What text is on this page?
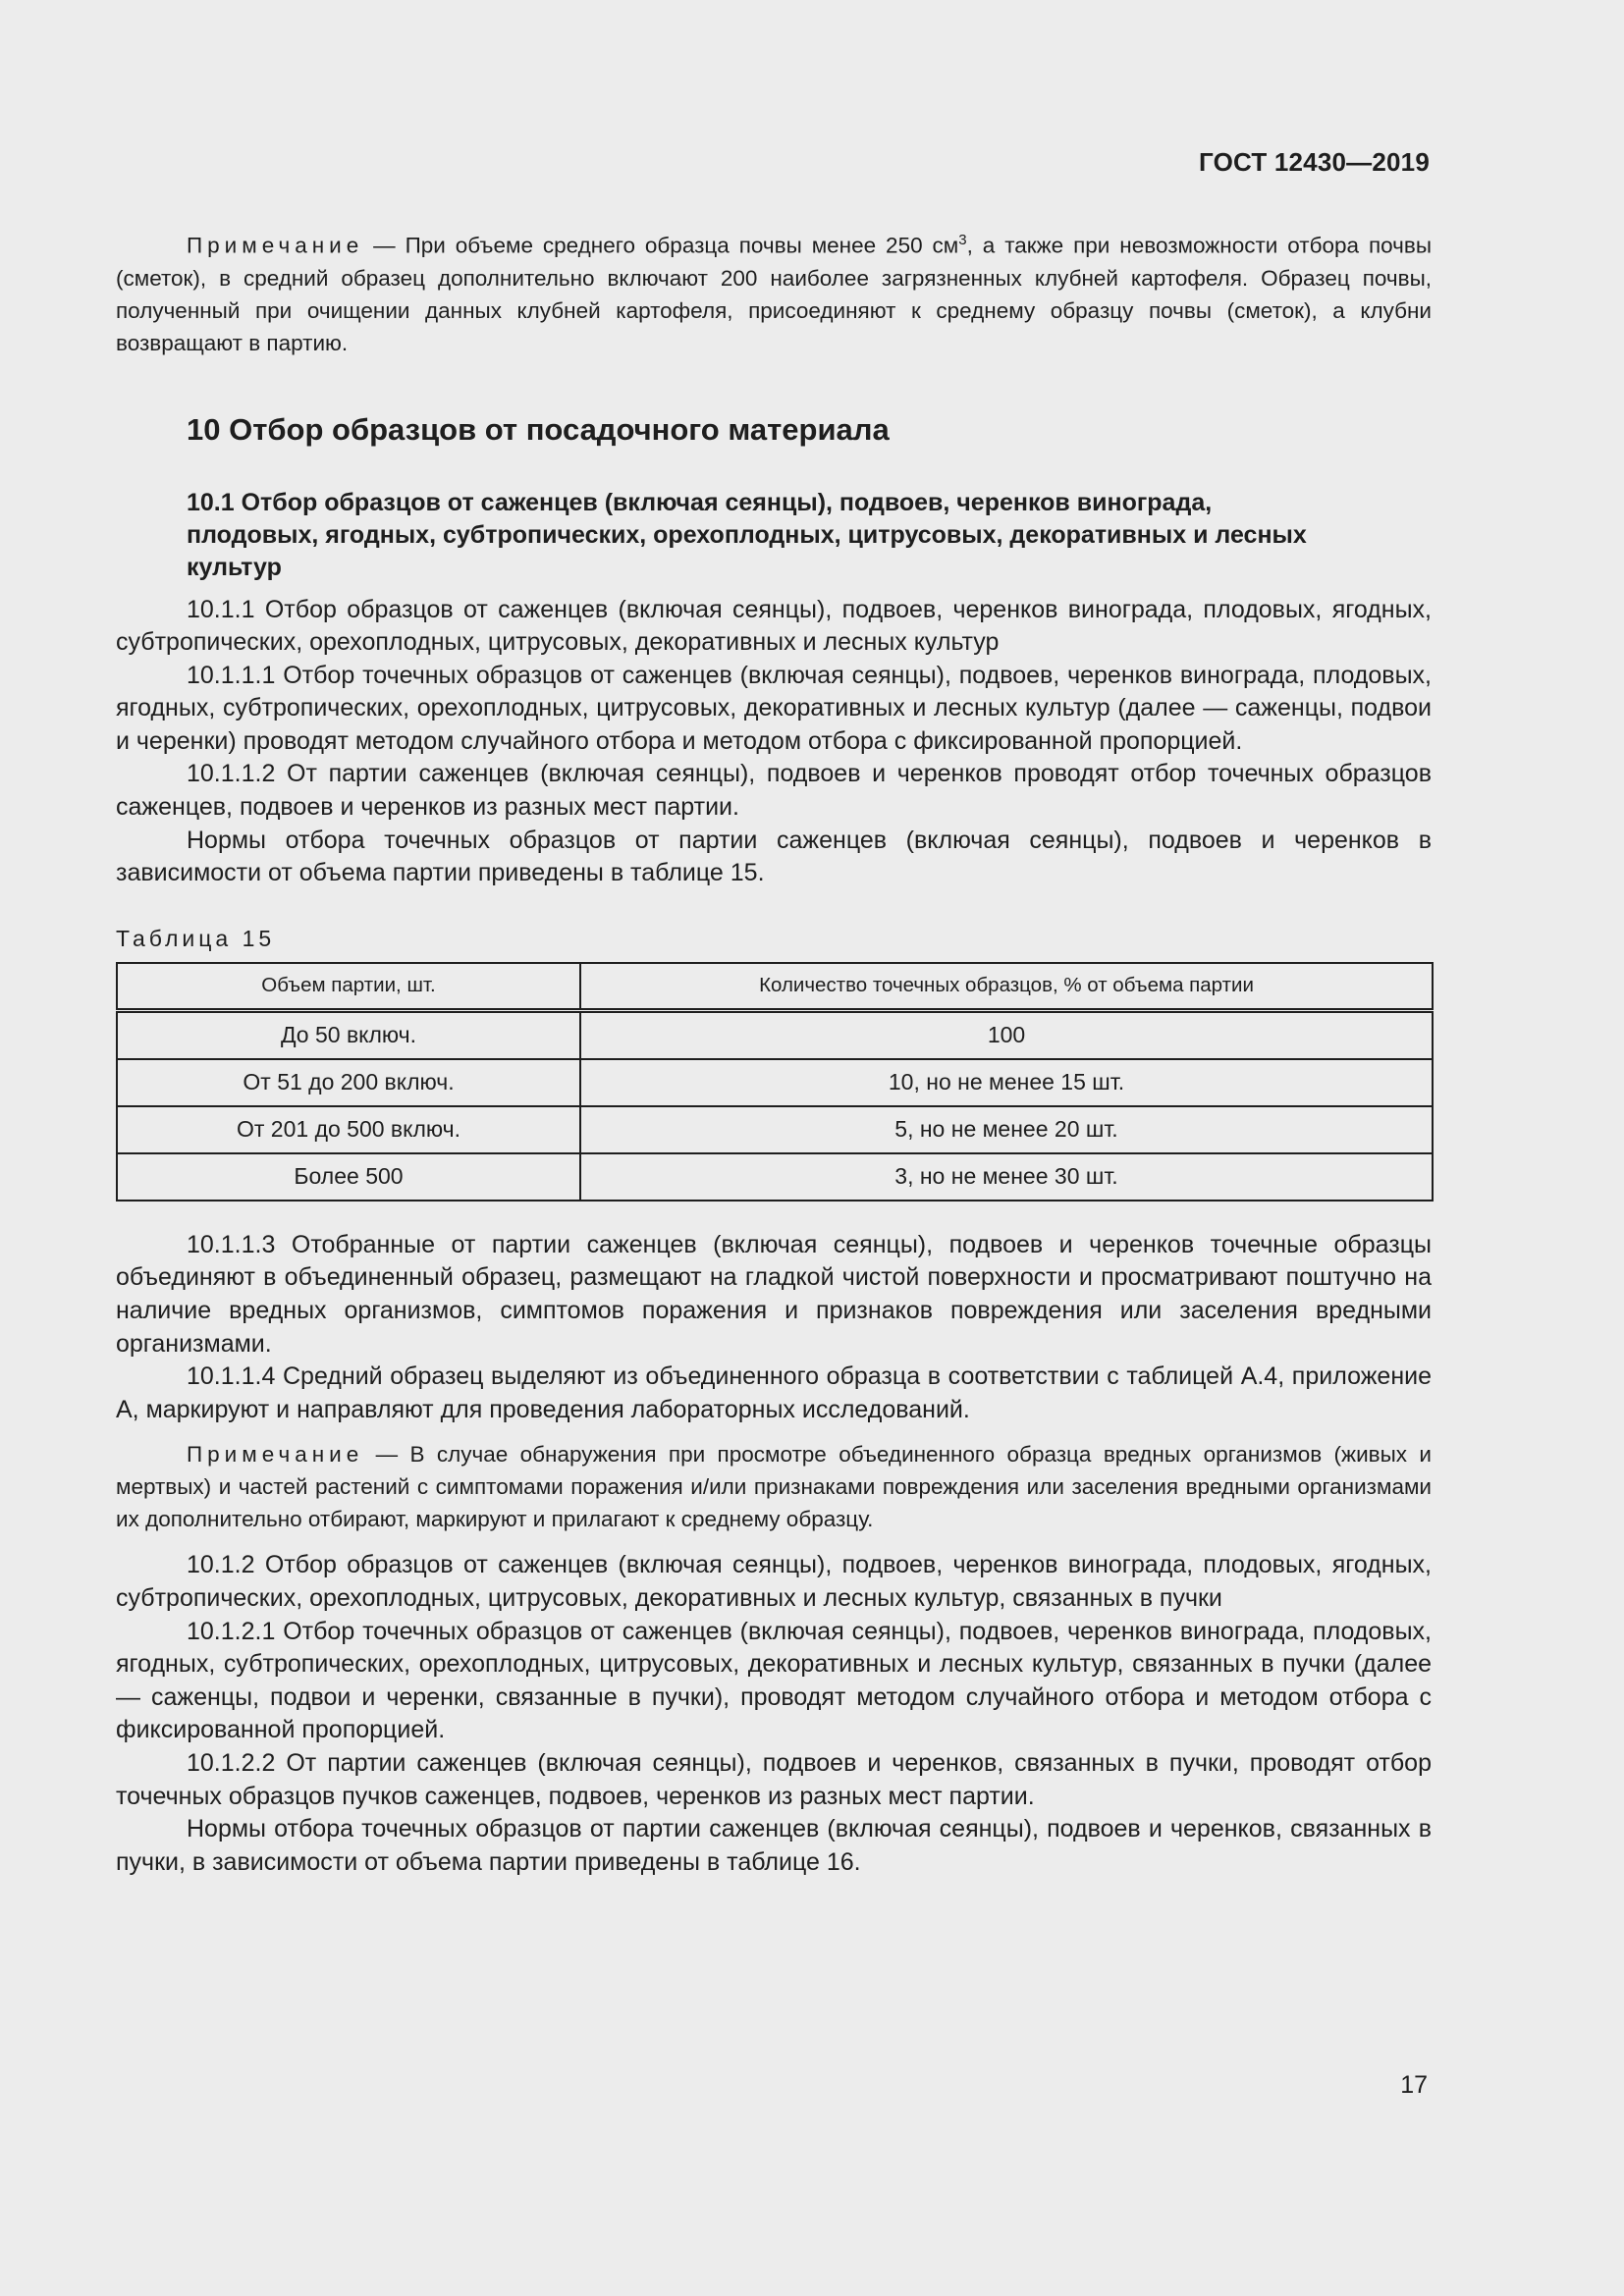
ГОСТ 12430—2019

Примечание — При объеме среднего образца почвы менее 250 $см^3$, а также при невозможности отбора почвы (сметок), в средний образец дополнительно включают 200 наиболее загрязненных клубней картофеля. Образец почвы, полученный при очищении данных клубней картофеля, присоединяют к среднему образцу почвы (сметок), а клубни возвращают в партию.

10 Отбор образцов от посадочного материала
10.1 Отбор образцов от саженцев (включая сеянцы), подвоев, черенков винограда, плодовых, ягодных, субтропических, орехоплодных, цитрусовых, декоративных и лесных культур

10.1.1 Отбор образцов от саженцев (включая сеянцы), подвоев, черенков винограда, плодовых, ягодных, субтропических, орехоплодных, цитрусовых, декоративных и лесных культур

10.1.1.1 Отбор точечных образцов от саженцев (включая сеянцы), подвоев, черенков винограда, плодовых, ягодных, субтропических, орехоплодных, цитрусовых, декоративных и лесных культур (далее — саженцы, подвои и черенки) проводят методом случайного отбора и методом отбора с фиксированной пропорцией.

10.1.1.2 От партии саженцев (включая сеянцы), подвоев и черенков проводят отбор точечных образцов саженцев, подвоев и черенков из разных мест партии.

Нормы отбора точечных образцов от партии саженцев (включая сеянцы), подвоев и черенков в зависимости от объема партии приведены в таблице 15.

Таблица 15

Объем партии, шт.	Количество точечных образцов, % от объема партии
До 50 включ.	100
От 51 до 200 включ.	10, но не менее 15 шт.
От 201 до 500 включ.	5, но не менее 20 шт.
Более 500	3, но не менее 30 шт.

10.1.1.3 Отобранные от партии саженцев (включая сеянцы), подвоев и черенков точечные образцы объединяют в объединенный образец, размещают на гладкой чистой поверхности и просматривают поштучно на наличие вредных организмов, симптомов поражения и признаков повреждения или заселения вредными организмами.

10.1.1.4 Средний образец выделяют из объединенного образца в соответствии с таблицей А.4, приложение А, маркируют и направляют для проведения лабораторных исследований.

Примечание — В случае обнаружения при просмотре объединенного образца вредных организмов (живых и мертвых) и частей растений с симптомами поражения и/или признаками повреждения или заселения вредными организмами их дополнительно отбирают, маркируют и прилагают к среднему образцу.

10.1.2 Отбор образцов от саженцев (включая сеянцы), подвоев, черенков винограда, плодовых, ягодных, субтропических, орехоплодных, цитрусовых, декоративных и лесных культур, связанных в пучки

10.1.2.1 Отбор точечных образцов от саженцев (включая сеянцы), подвоев, черенков винограда, плодовых, ягодных, субтропических, орехоплодных, цитрусовых, декоративных и лесных культур, связанных в пучки (далее — саженцы, подвои и черенки, связанные в пучки), проводят методом случайного отбора и методом отбора с фиксированной пропорцией.

10.1.2.2 От партии саженцев (включая сеянцы), подвоев и черенков, связанных в пучки, проводят отбор точечных образцов пучков саженцев, подвоев, черенков из разных мест партии.

Нормы отбора точечных образцов от партии саженцев (включая сеянцы), подвоев и черенков, связанных в пучки, в зависимости от объема партии приведены в таблице 16.

17
